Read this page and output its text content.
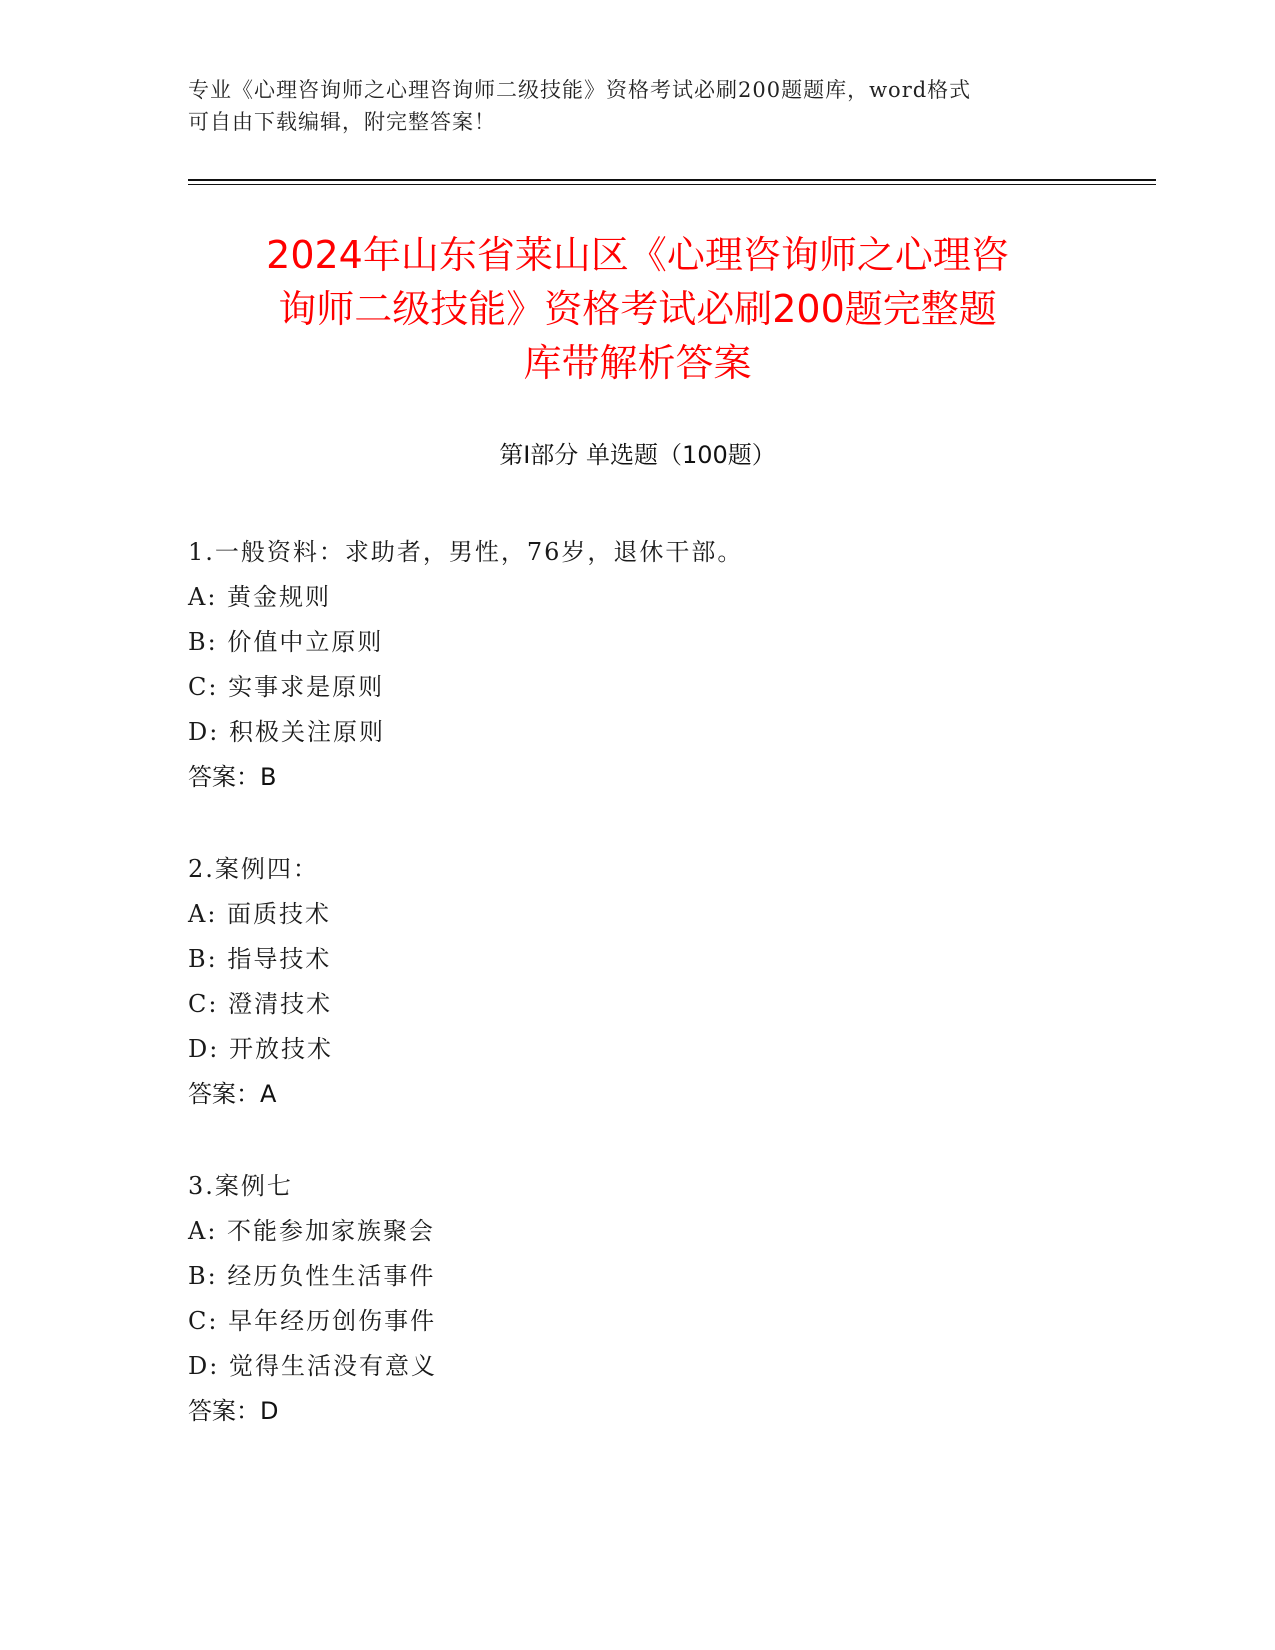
专业《心理咨询师之心理咨询师二级技能》资格考试必刷200题题库，word格式
可自由下载编辑，附完整答案！
2024年山东省莱山区《心理咨询师之心理咨
询师二级技能》资格考试必刷200题完整题
库带解析答案
第Ⅰ部分 单选题（100题）
1.一般资料：求助者，男性，76岁，退休干部。
A: 黄金规则
B: 价值中立原则
C: 实事求是原则
D: 积极关注原则
答案：B
2.案例四：
A: 面质技术
B: 指导技术
C: 澄清技术
D: 开放技术
答案：A
3.案例七
A: 不能参加家族聚会
B: 经历负性生活事件
C: 早年经历创伤事件
D: 觉得生活没有意义
答案：D
